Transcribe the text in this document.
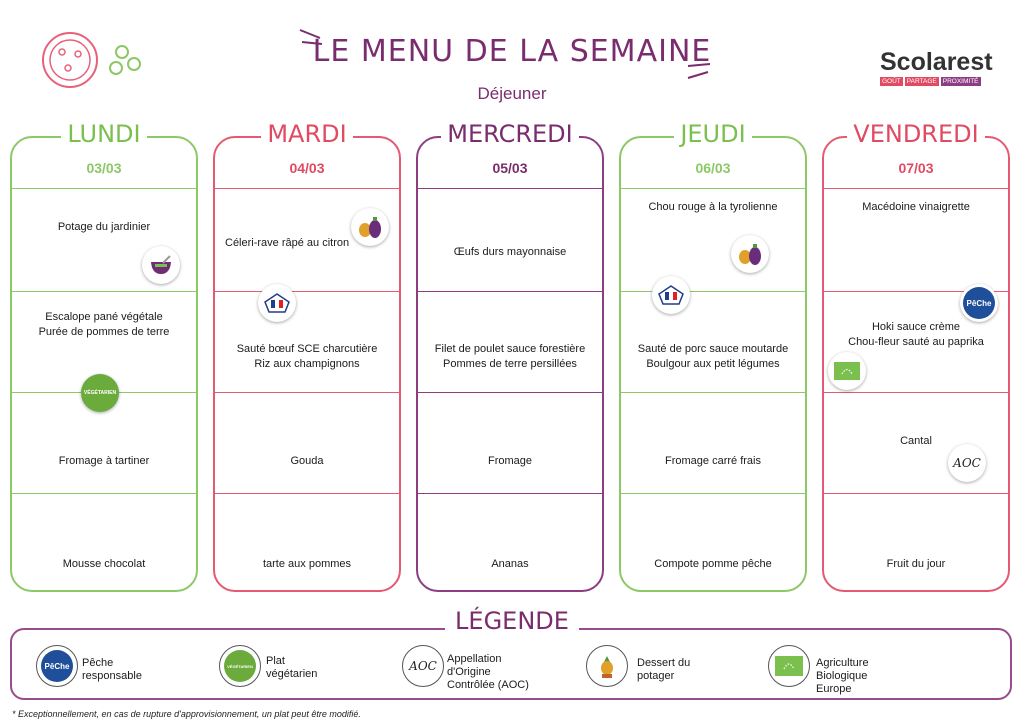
LE MENU DE LA SEMAINE
Déjeuner
Scolarest
GOÛT PARTAGE PROXIMITÉ
LUNDI
03/03
Potage du jardinier
Escalope pané végétale
Purée de pommes de terre
Fromage à tartiner
Mousse chocolat
VÉGÉTARIEN
MARDI
04/03
Céleri-rave râpé au citron
Sauté bœuf SCE charcutière
Riz aux champignons
Gouda
tarte aux pommes
MERCREDI
05/03
Œufs durs mayonnaise
Filet de poulet sauce forestière
Pommes de terre persillées
Fromage
Ananas
JEUDI
06/03
Chou rouge à la tyrolienne
Sauté de porc sauce moutarde
Boulgour aux petit légumes
Fromage carré frais
Compote pomme pêche
VENDREDI
07/03
Macédoine vinaigrette
Hoki sauce crème
Chou-fleur sauté au paprika
Cantal
Fruit du jour
PêChe
AOC
LÉGENDE
PêChe	Pêche
responsable
VÉGÉTARIEN Plat
végétarien
AOC Appellation
d'Origine
Contrôlée (AOC)
Dessert du
potager
Agriculture
Biologique
Europe
* Exceptionnellement, en cas de rupture d'approvisionnement, un plat peut être modifié.
